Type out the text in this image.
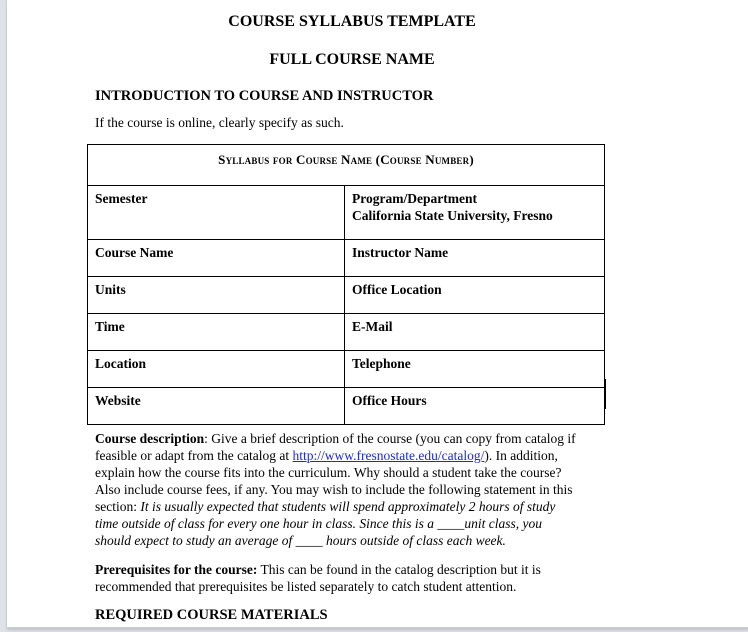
COURSE SYLLABUS TEMPLATE
FULL COURSE NAME
INTRODUCTION TO COURSE AND INSTRUCTOR
If the course is online, clearly specify as such.
Syllabus for Course Name (Course Number)	
Semester	Program/Department
California State University, Fresno
Course Name	Instructor Name
Units	Office Location
Time	E-Mail
Location	Telephone
Website	Office Hours
Course description: Give a brief description of the course (you can copy from catalog if
feasible or adapt from the catalog at http://www.fresnostate.edu/catalog/). In addition,
explain how the course fits into the curriculum. Why should a student take the course?
Also include course fees, if any. You may wish to include the following statement in this
section: It is usually expected that students will spend approximately 2 hours of study
time outside of class for every one hour in class. Since this is a ____unit class, you
should expect to study an average of ____ hours outside of class each week.
Prerequisites for the course: This can be found in the catalog description but it is
recommended that prerequisites be listed separately to catch student attention.
REQUIRED COURSE MATERIALS
